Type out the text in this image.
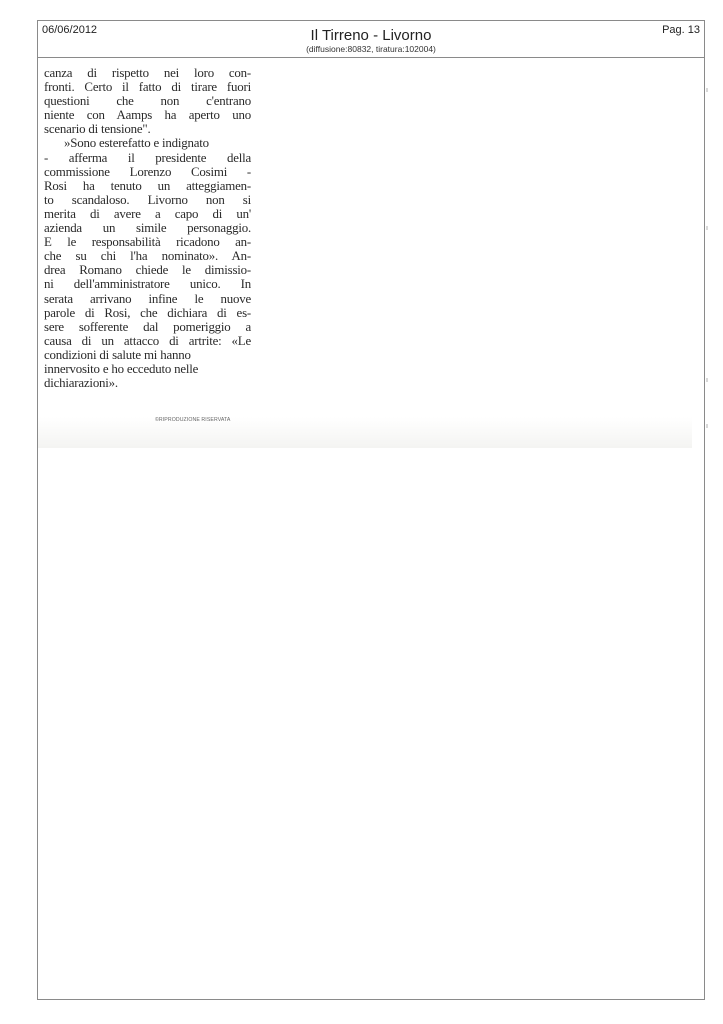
06/06/2012	Il Tirreno - Livorno
(diffusione:80832, tiratura:102004)
Pag. 13
canza di rispetto nei loro con-
fronti. Certo il fatto di tirare fuori
questioni che non c'entrano
niente con Aamps ha aperto uno
scenario di tensione".
»Sono esterefatto e indignato
- afferma il presidente della
commissione Lorenzo Cosimi -
Rosi ha tenuto un atteggiamen-
to scandaloso. Livorno non si
merita di avere a capo di un'
azienda un simile personaggio.
E le responsabilità ricadono an-
che su chi l'ha nominato». An-
drea Romano chiede le dimissio-
ni dell'amministratore unico. In
serata arrivano infine le nuove
parole di Rosi, che dichiara di es-
sere sofferente dal pomeriggio a
causa di un attacco di artrite: «Le
condizioni di salute mi hanno
innervosito e ho ecceduto nelle
dichiarazioni».
©RIPRODUZIONE RISERVATA
